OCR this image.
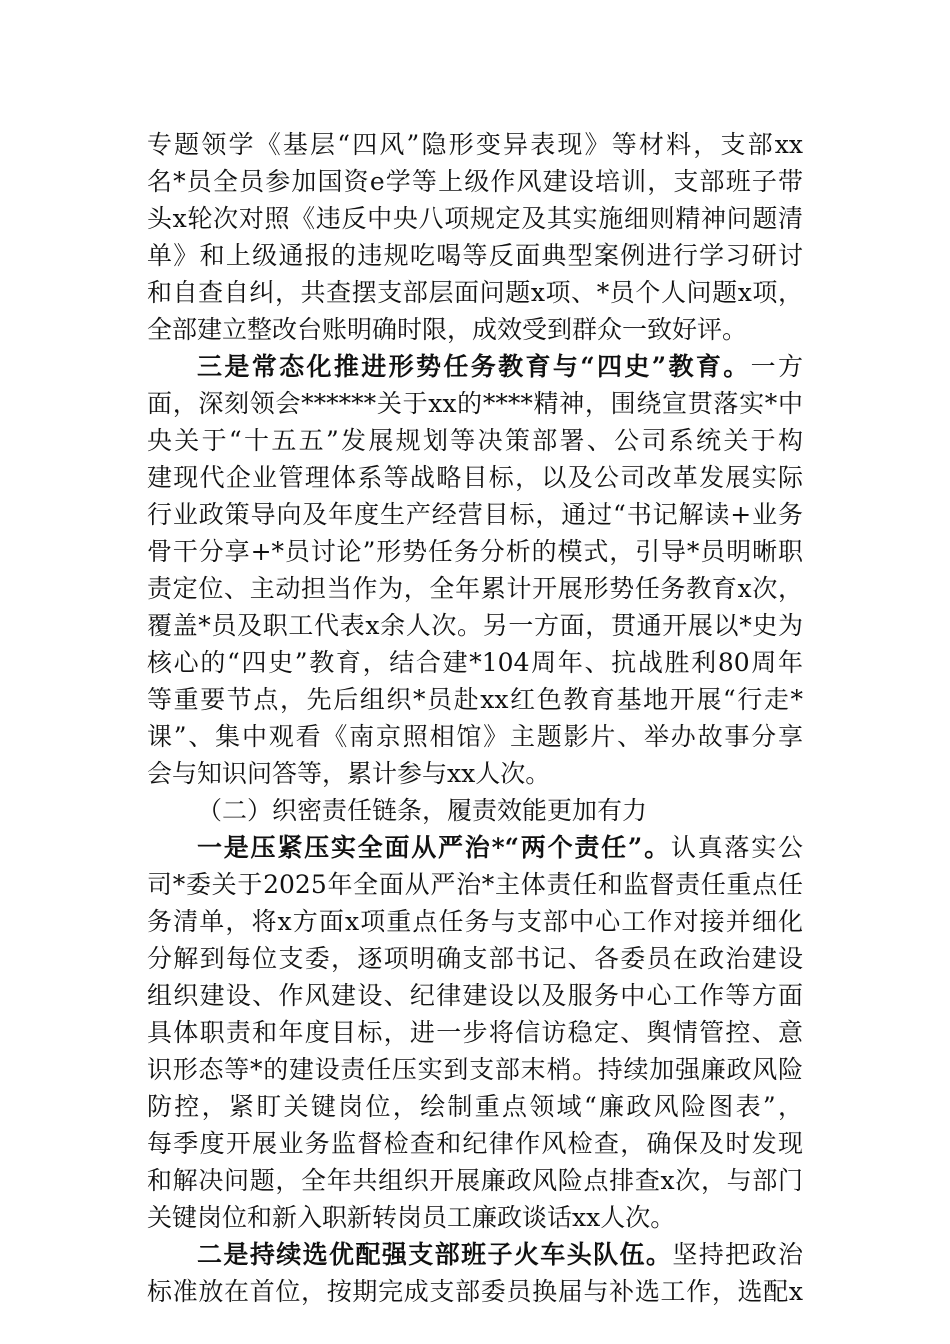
专题领学《基层“四风”隐形变异表现》等材料，支部xx
名*员全员参加国资e学等上级作风建设培训，支部班子带
头x轮次对照《违反中央八项规定及其实施细则精神问题清
单》和上级通报的违规吃喝等反面典型案例进行学习研讨
和自查自纠，共查摆支部层面问题x项、*员个人问题x项，
全部建立整改台账明确时限，成效受到群众一致好评。
三是常态化推进形势任务教育与“四史”教育。一方
面，深刻领会******关于xx的****精神，围绕宣贯落实*中
央关于“十五五”发展规划等决策部署、公司系统关于构
建现代企业管理体系等战略目标，以及公司改革发展实际
行业政策导向及年度生产经营目标，通过“书记解读+业务
骨干分享+*员讨论”形势任务分析的模式，引导*员明晰职
责定位、主动担当作为，全年累计开展形势任务教育x次，
覆盖*员及职工代表x余人次。另一方面，贯通开展以*史为
核心的“四史”教育，结合建*104周年、抗战胜利80周年
等重要节点，先后组织*员赴xx红色教育基地开展“行走*
课”、集中观看《南京照相馆》主题影片、举办故事分享
会与知识问答等，累计参与xx人次。
（二）织密责任链条，履责效能更加有力
一是压紧压实全面从严治*“两个责任”。认真落实公
司*委关于2025年全面从严治*主体责任和监督责任重点任
务清单，将x方面x项重点任务与支部中心工作对接并细化
分解到每位支委，逐项明确支部书记、各委员在政治建设
组织建设、作风建设、纪律建设以及服务中心工作等方面
具体职责和年度目标，进一步将信访稳定、舆情管控、意
识形态等*的建设责任压实到支部末梢。持续加强廉政风险
防控，紧盯关键岗位，绘制重点领域“廉政风险图表”，
每季度开展业务监督检查和纪律作风检查，确保及时发现
和解决问题，全年共组织开展廉政风险点排查x次，与部门
关键岗位和新入职新转岗员工廉政谈话xx人次。
二是持续选优配强支部班子火车头队伍。坚持把政治
标准放在首位，按期完成支部委员换届与补选工作，选配x
